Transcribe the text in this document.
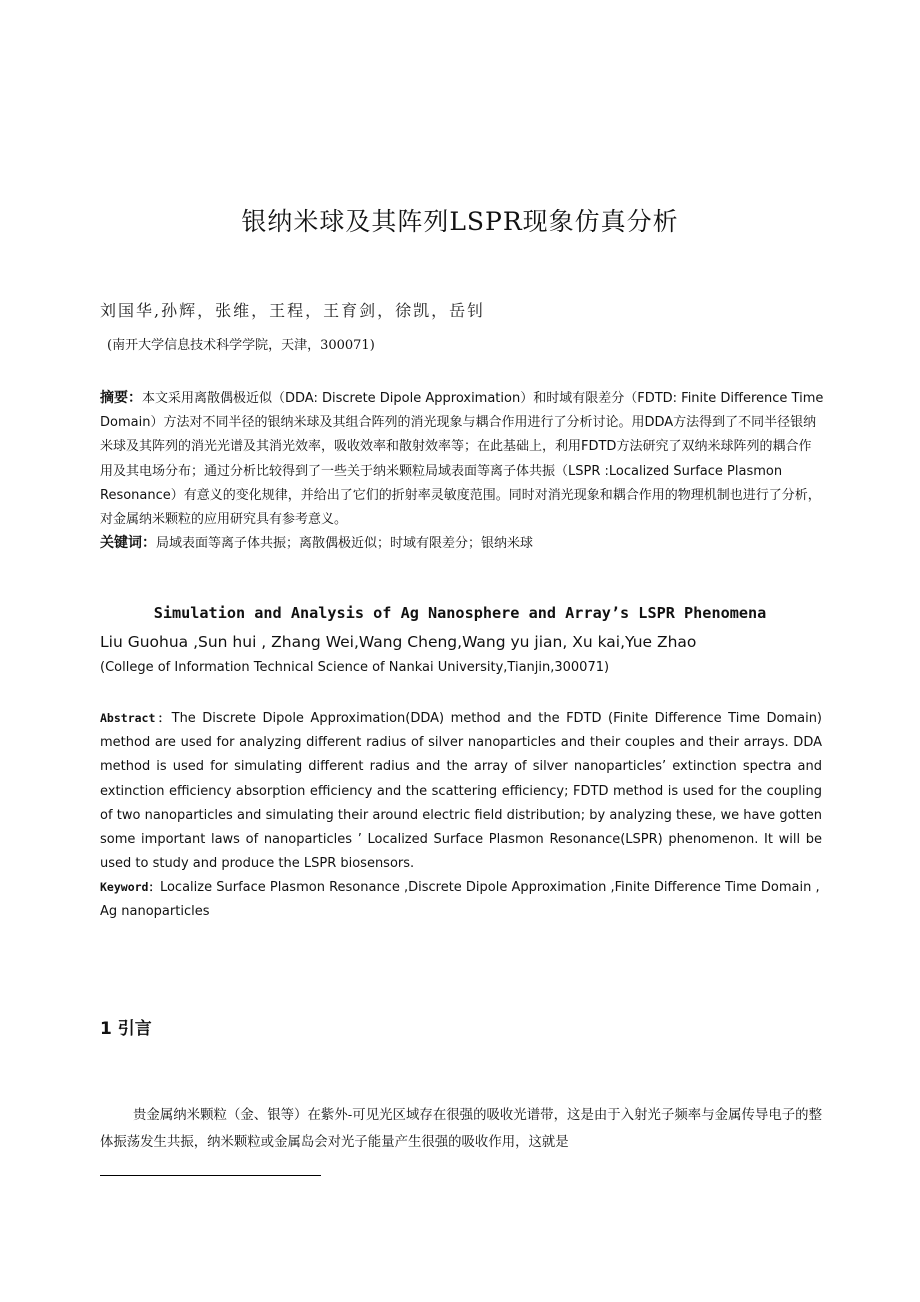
银纳米球及其阵列LSPR现象仿真分析
刘国华,孙辉，张维，王程，王育剑，徐凯，岳钊
(南开大学信息技术科学学院，天津，300071)
摘要：本文采用离散偶极近似（DDA: Discrete Dipole Approximation）和时域有限差分（FDTD: Finite Difference Time Domain）方法对不同半径的银纳米球及其组合阵列的消光现象与耦合作用进行了分析讨论。用DDA方法得到了不同半径银纳米球及其阵列的消光光谱及其消光效率，吸收效率和散射效率等；在此基础上，利用FDTD方法研究了双纳米球阵列的耦合作用及其电场分布；通过分析比较得到了一些关于纳米颗粒局域表面等离子体共振（LSPR :Localized Surface Plasmon Resonance）有意义的变化规律，并给出了它们的折射率灵敏度范围。同时对消光现象和耦合作用的物理机制也进行了分析，对金属纳米颗粒的应用研究具有参考意义。
关键词：局域表面等离子体共振；离散偶极近似；时域有限差分；银纳米球
Simulation and Analysis of Ag Nanosphere and Array’s LSPR Phenomena
Liu Guohua ,Sun hui , Zhang Wei,Wang Cheng,Wang yu jian, Xu kai,Yue Zhao
(College of Information Technical Science of Nankai University,Tianjin,300071)
Abstract：The Discrete Dipole Approximation(DDA) method and the FDTD (Finite Difference Time Domain) method are used for analyzing different radius of silver nanoparticles and their couples and their arrays. DDA method is used for simulating different radius and the array of silver nanoparticles’ extinction spectra and extinction efficiency absorption efficiency and the scattering efficiency; FDTD method is used for the coupling of two nanoparticles and simulating their around electric field distribution; by analyzing these, we have gotten some important laws of nanoparticles ’ Localized Surface Plasmon Resonance(LSPR) phenomenon. It will be used to study and produce the LSPR biosensors.
Keyword：Localize Surface Plasmon Resonance ,Discrete Dipole Approximation ,Finite Difference Time Domain , Ag nanoparticles
1 引言
贵金属纳米颗粒（金、银等）在紫外-可见光区域存在很强的吸收光谱带，这是由于入射光子频率与金属传导电子的整体振荡发生共振，纳米颗粒或金属岛会对光子能量产生很强的吸收作用，这就是
